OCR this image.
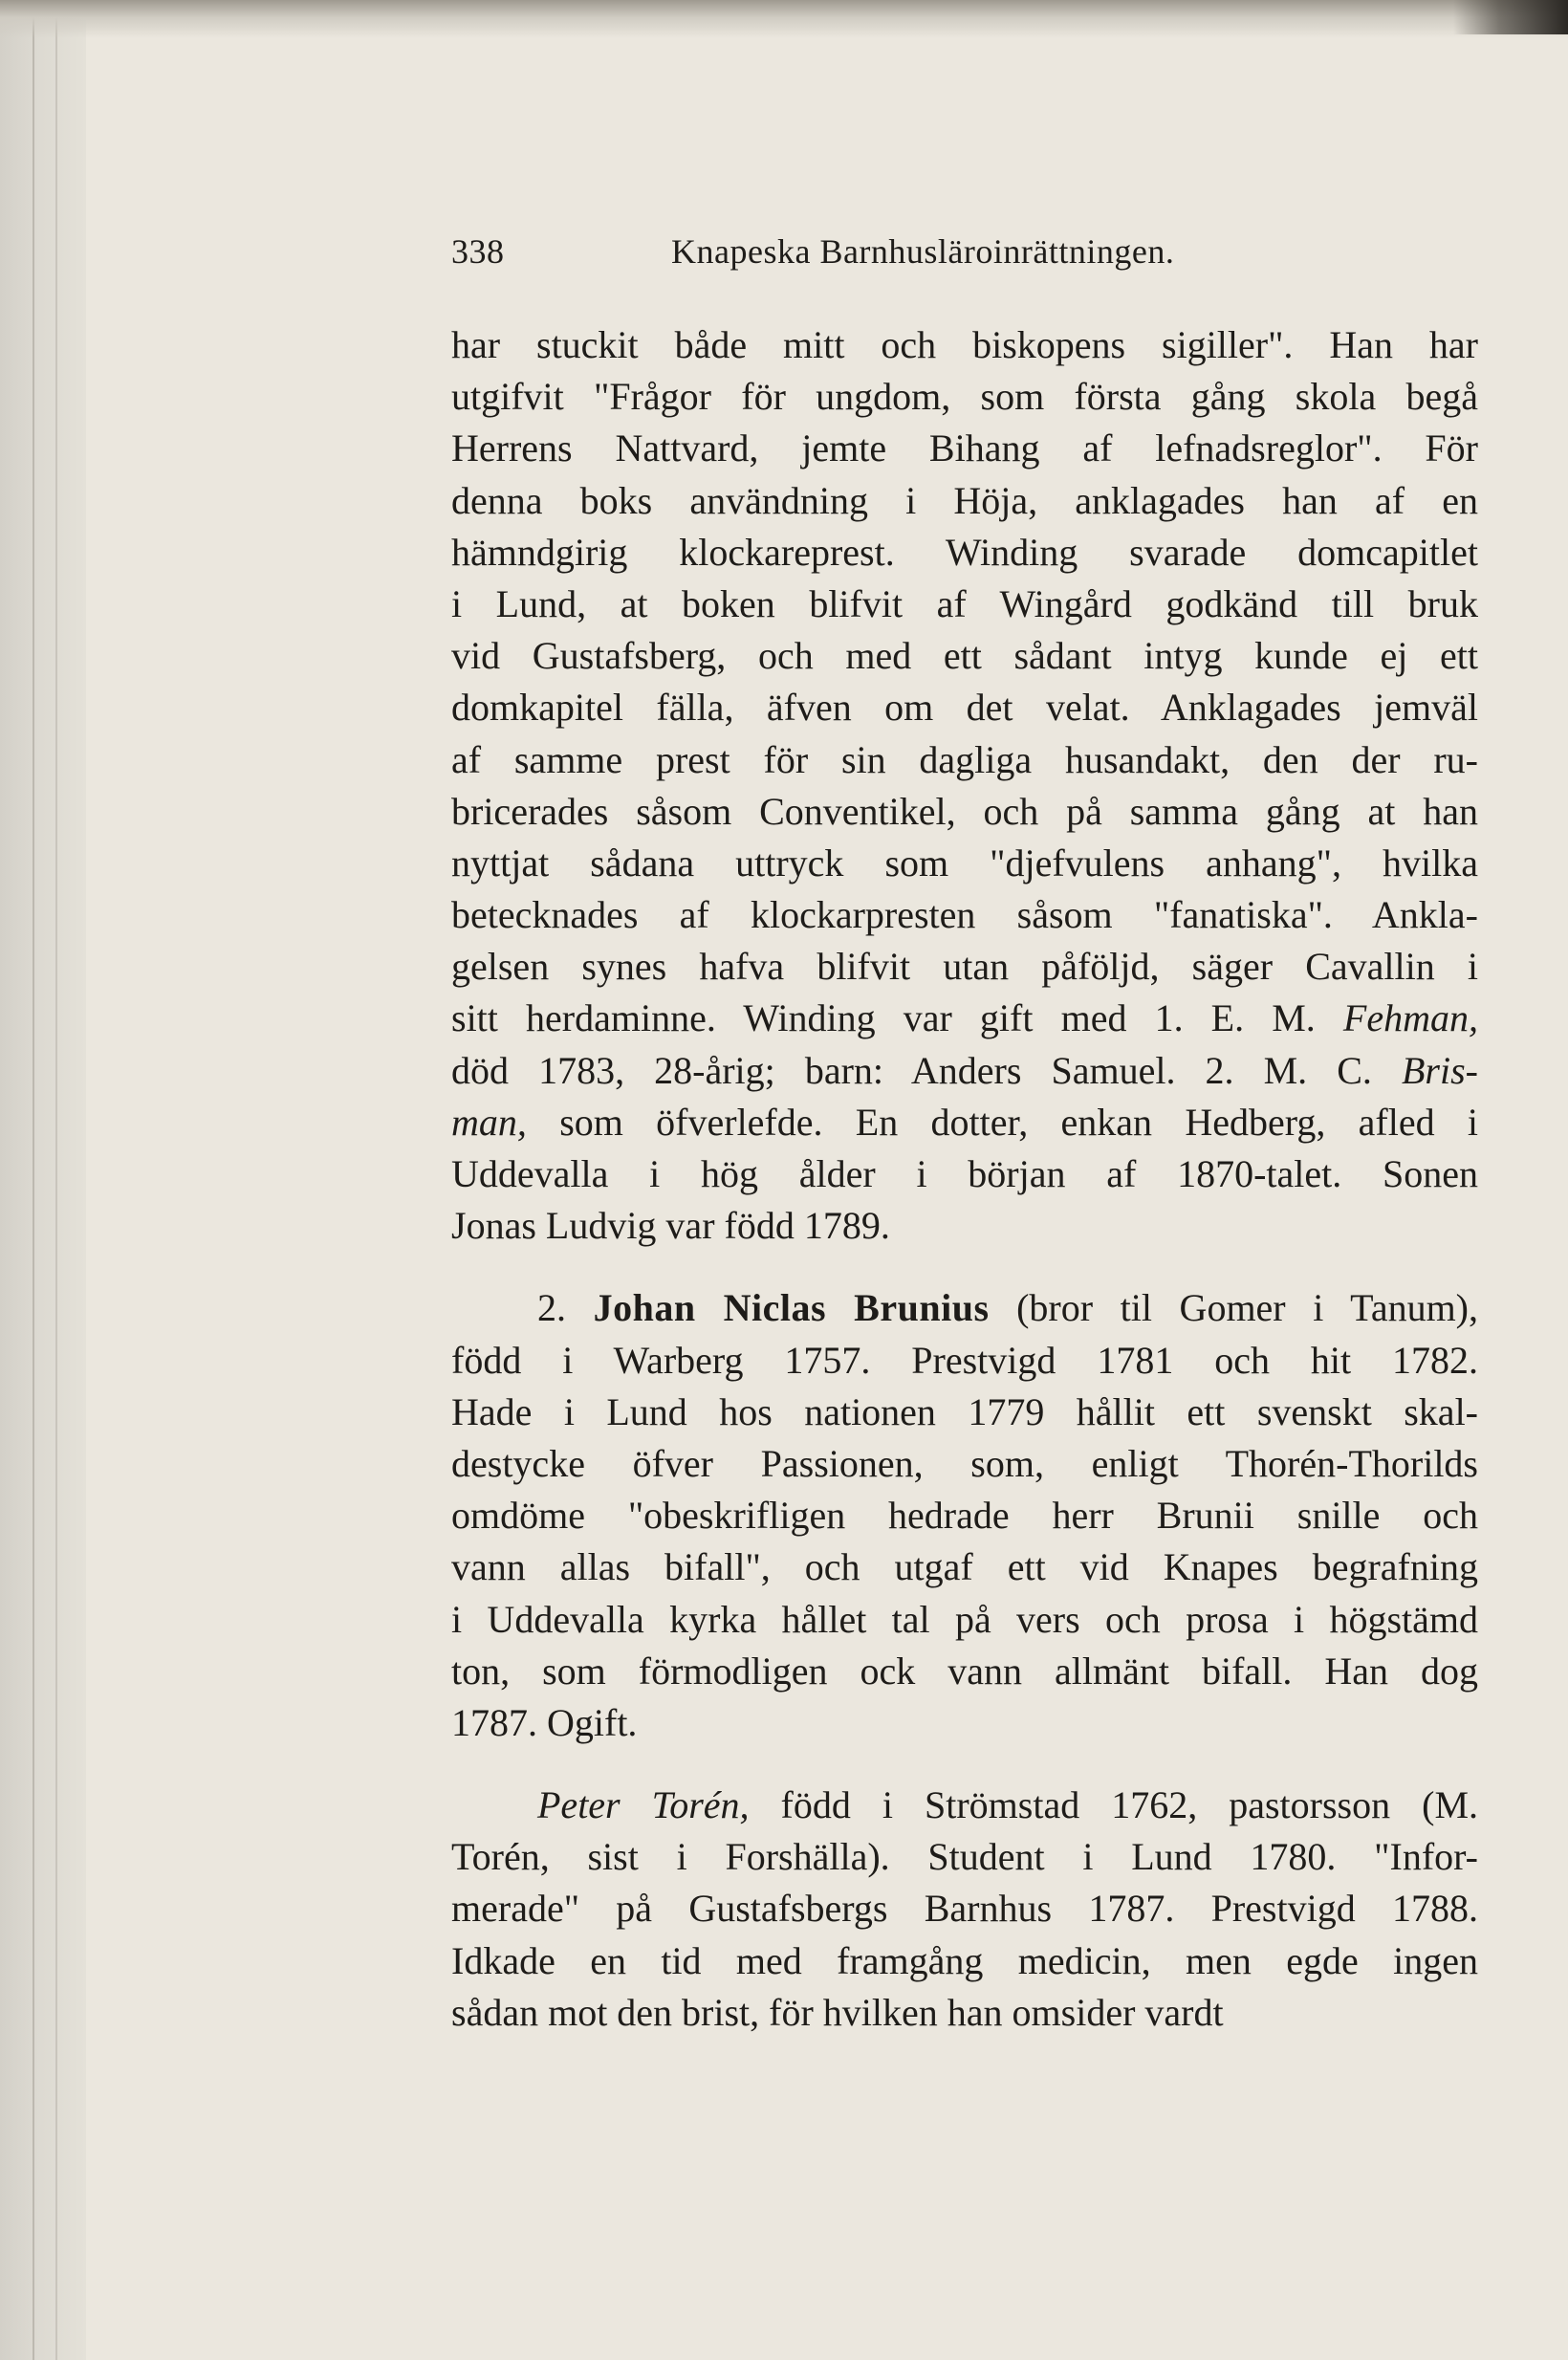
338	Knapeska Barnhusläroinrättningen.
har stuckit både mitt och biskopens sigiller". Han har
utgifvit "Frågor för ungdom, som första gång skola begå
Herrens Nattvard, jemte Bihang af lefnadsreglor". För
denna boks användning i Höja, anklagades han af en
hämndgirig klockareprest. Winding svarade domcapitlet
i Lund, at boken blifvit af Wingård godkänd till bruk
vid Gustafsberg, och med ett sådant intyg kunde ej ett
domkapitel fälla, äfven om det velat. Anklagades jemväl
af samme prest för sin dagliga husandakt, den der ru-
bricerades såsom Conventikel, och på samma gång at han
nyttjat sådana uttryck som "djefvulens anhang", hvilka
betecknades af klockarpresten såsom "fanatiska". Ankla-
gelsen synes hafva blifvit utan påföljd, säger Cavallin i
sitt herdaminne. Winding var gift med 1. E. M. Fehman,
död 1783, 28-årig; barn: Anders Samuel. 2. M. C. Bris-
man, som öfverlefde. En dotter, enkan Hedberg, afled i
Uddevalla i hög ålder i början af 1870-talet. Sonen
Jonas Ludvig var född 1789.
2. Johan Niclas Brunius (bror til Gomer i Tanum),
född i Warberg 1757. Prestvigd 1781 och hit 1782.
Hade i Lund hos nationen 1779 hållit ett svenskt skal-
destycke öfver Passionen, som, enligt Thorén-Thorilds
omdöme "obeskrifligen hedrade herr Brunii snille och
vann allas bifall", och utgaf ett vid Knapes begrafning
i Uddevalla kyrka hållet tal på vers och prosa i högstämd
ton, som förmodligen ock vann allmänt bifall. Han dog
1787. Ogift.
Peter Torén, född i Strömstad 1762, pastorsson (M.
Torén, sist i Forshälla). Student i Lund 1780. "Infor-
merade" på Gustafsbergs Barnhus 1787. Prestvigd 1788.
Idkade en tid med framgång medicin, men egde ingen
sådan mot den brist, för hvilken han omsider vardt
